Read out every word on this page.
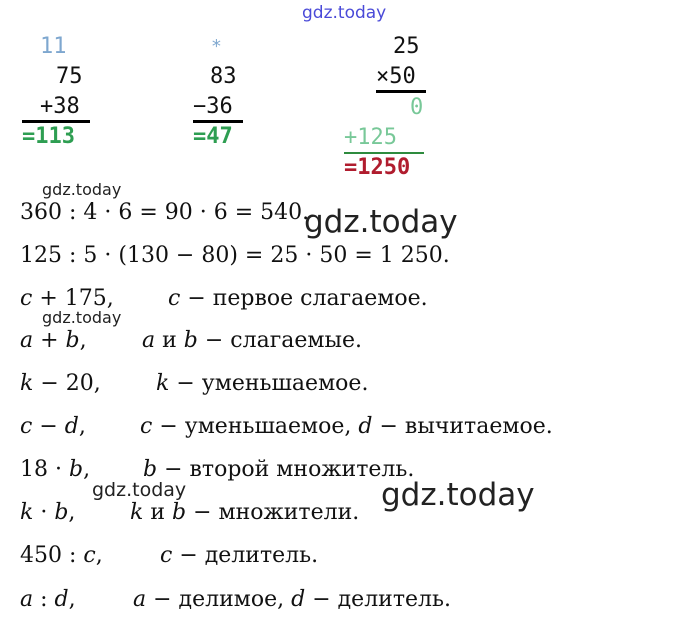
gdz.today
11
75
+38
=113
*
83
−36
=47
25
×50
0
+125
=1250
gdz.today
gdz.today
gdz.today
gdz.today	gdz.today
360 : 4 · 6 = 90 · 6 = 540.
125 : 5 · (130 − 80) = 25 · 50 = 1 250.
c + 175, c − первое слагаемое.
a + b,	a и b − слагаемые.
k − 20,	k − уменьшаемое.
c − d, c − уменьшаемое, d − вычитаемое.
18 · b, b − второй множитель.
k · b, k и b − множители.
450 : c,	c − делитель.
a : d,	a − делимое, d − делитель.
